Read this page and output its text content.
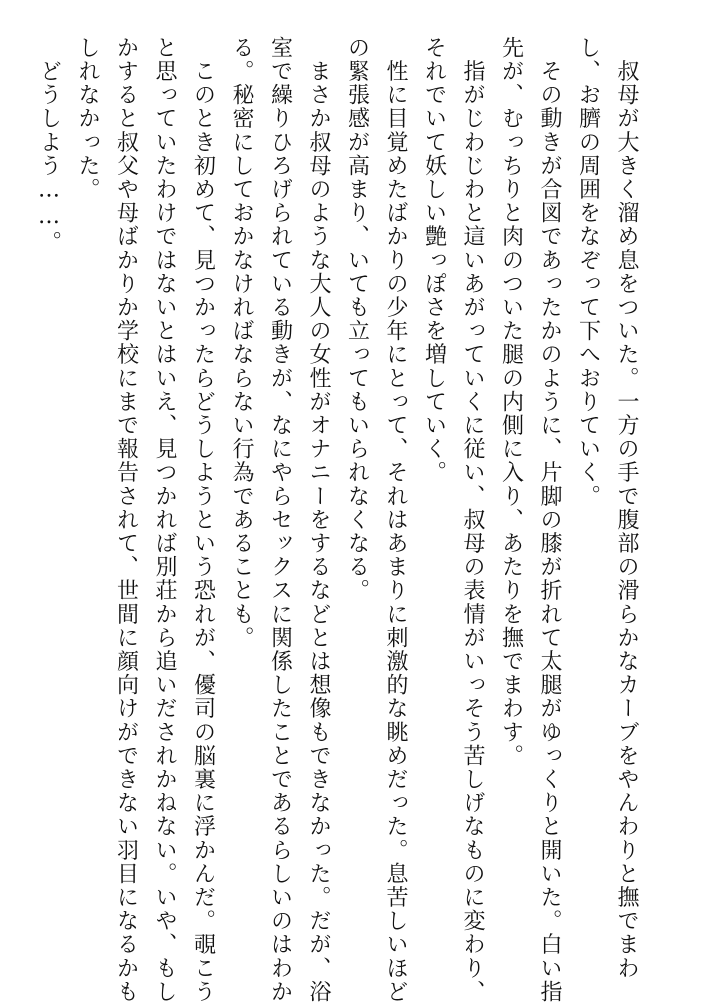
　叔母が大きく溜め息をついた。一方の手で腹部の滑らかなカーブをやんわりと撫でまわ
し、お臍の周囲をなぞって下へおりていく。
　その動きが合図であったかのように、片脚の膝が折れて太腿がゆっくりと開いた。白い指
先が、むっちりと肉のついた腿の内側に入り、あたりを撫でまわす。
　指がじわじわと這いあがっていくに従い、叔母の表情がいっそう苦しげなものに変わり、
それでいて妖しい艶っぽさを増していく。
　性に目覚めたばかりの少年にとって、それはあまりに刺激的な眺めだった。息苦しいほど
の緊張感が高まり、いても立ってもいられなくなる。
　まさか叔母のような大人の女性がオナニーをするなどとは想像もできなかった。だが、浴
室で繰りひろげられている動きが、なにやらセックスに関係したことであるらしいのはわか
る。秘密にしておかなければならない行為であることも。
　このとき初めて、見つかったらどうしようという恐れが、優司の脳裏に浮かんだ。覗こう
と思っていたわけではないとはいえ、見つかれば別荘から追いだされかねない。いや、もし
かすると叔父や母ばかりか学校にまで報告されて、世間に顔向けができない羽目になるかも
しれなかった。
　どうしよう……。
